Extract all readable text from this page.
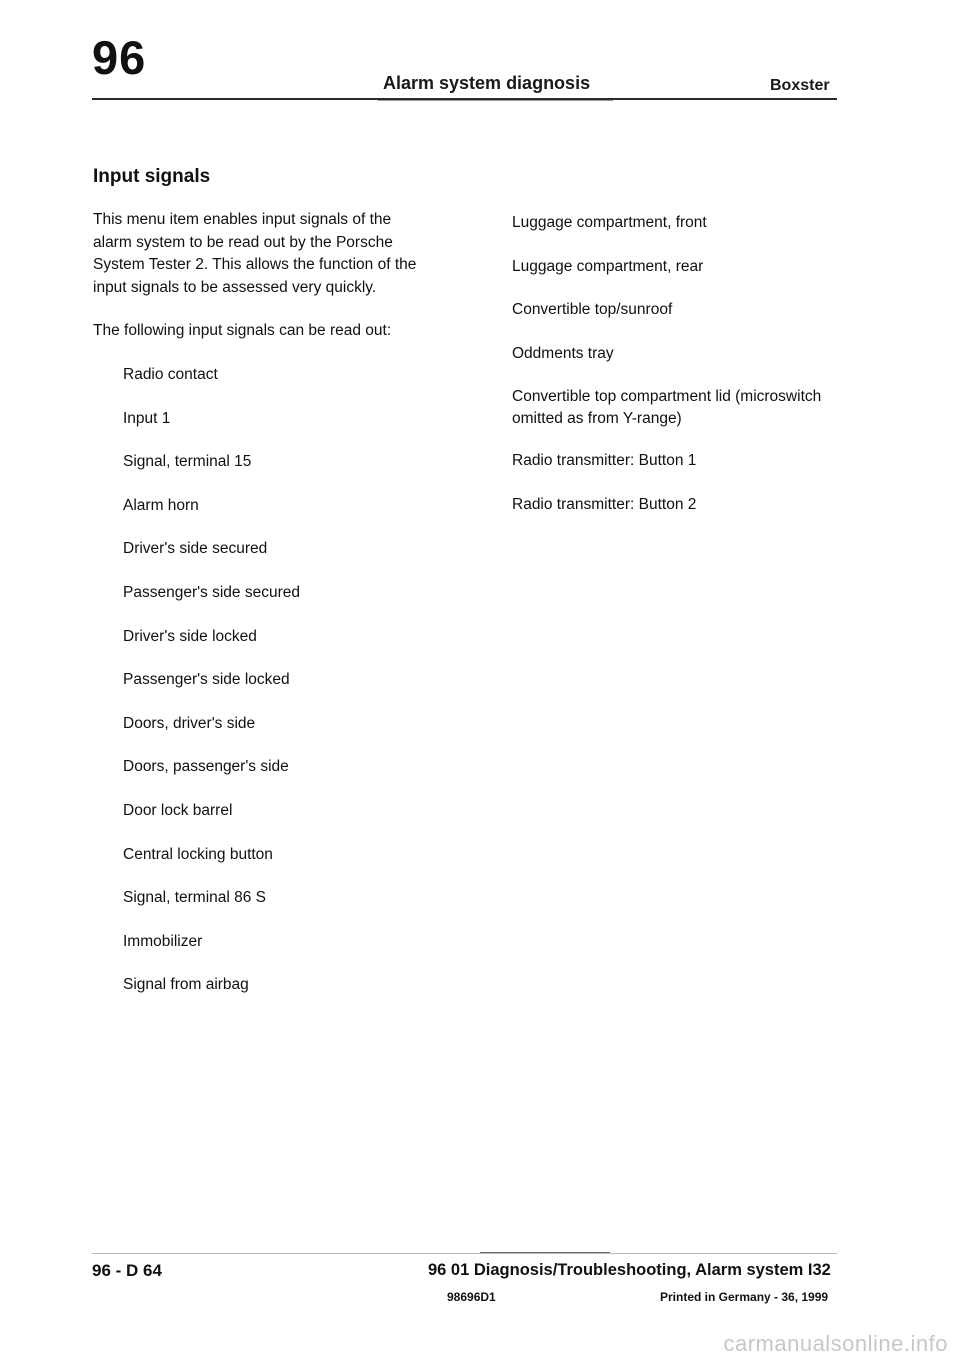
96	Alarm system diagnosis	Boxster
Input signals
This menu item enables input signals of the alarm system to be read out by the Porsche System Tester 2. This allows the function of the input signals to be assessed very quickly.
The following input signals can be read out:
Radio contact
Input 1
Signal, terminal 15
Alarm horn
Driver's side secured
Passenger's side secured
Driver's side locked
Passenger's side locked
Doors, driver's side
Doors, passenger's side
Door lock barrel
Central locking button
Signal, terminal 86 S
Immobilizer
Signal from airbag
Luggage compartment, front
Luggage compartment, rear
Convertible top/sunroof
Oddments tray
Convertible top compartment lid (microswitch omitted as from Y-range)
Radio transmitter: Button 1
Radio transmitter: Button 2
96 - D 64	96 01 Diagnosis/Troubleshooting, Alarm system I32
98696D1	Printed in Germany - 36, 1999
carmanualsonline.info
